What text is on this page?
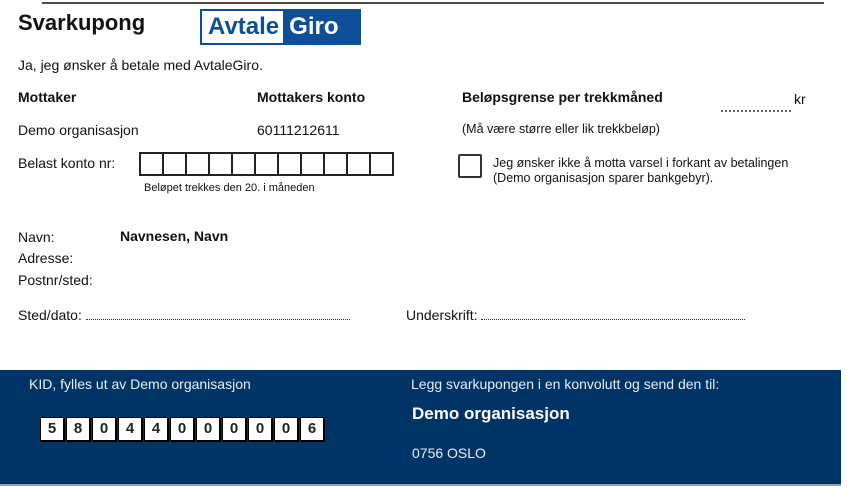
Svarkupong	Avtale Giro
Ja, jeg ønsker å betale med AvtaleGiro.
Mottaker	Mottakers konto	Beløpsgrense per trekkmåned	kr
Demo organisasjon	60111212611	(Må være større eller lik trekkbeløp)
Belast konto nr:
Beløpet trekkes den 20. i måneden
Jeg ønsker ikke å motta varsel i forkant av betalingen
(Demo organisasjon sparer bankgebyr).
Navn:	Navnesen, Navn
Adresse:
Postnr/sted:
Sted/dato:	Underskrift:
KID, fylles ut av Demo organisasjon
5	8	0	4	4	0	0	0	0	0	6
Legg svarkupongen i en konvolutt og send den til:
Demo organisasjon
0756 OSLO
